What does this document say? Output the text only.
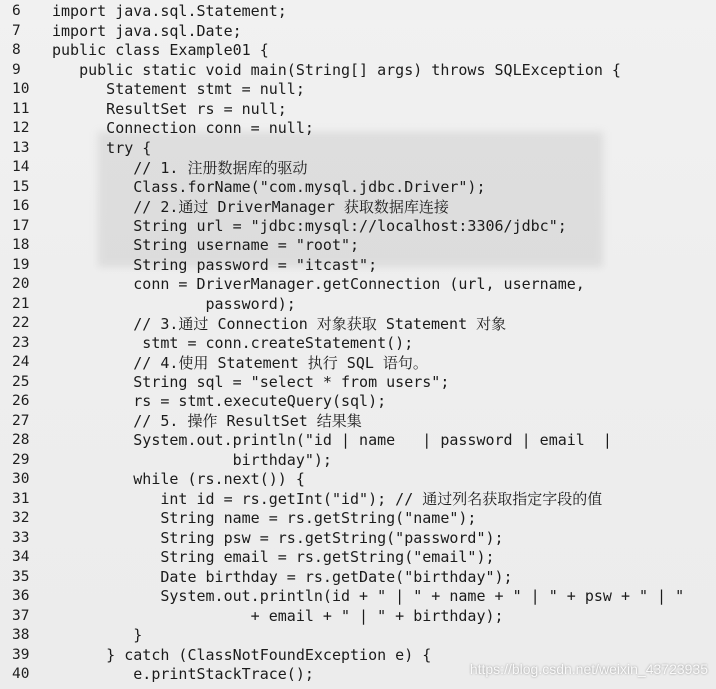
6	import java.sql.Statement;
7	import java.sql.Date;
8	public class Example01 {
9	public static void main(String[] args) throws SQLException {
10	Statement stmt = null;
11	ResultSet rs = null;
12	Connection conn = null;
13	try {
14	// 1. 注册数据库的驱动
15	Class.forName("com.mysql.jdbc.Driver");
16	// 2.通过 DriverManager 获取数据库连接
17	String url = "jdbc:mysql://localhost:3306/jdbc";
18	String username = "root";
19	String password = "itcast";
20	conn = DriverManager.getConnection (url, username,
21	password);
22	// 3.通过 Connection 对象获取 Statement 对象
23	stmt = conn.createStatement();
24	// 4.使用 Statement 执行 SQL 语句。
25	String sql = "select * from users";
26	rs = stmt.executeQuery(sql);
27	// 5. 操作 ResultSet 结果集
28	System.out.println("id | name   | password | email  |
29	birthday");
30	while (rs.next()) {
31	int id = rs.getInt("id"); // 通过列名获取指定字段的值
32	String name = rs.getString("name");
33	String psw = rs.getString("password");
34	String email = rs.getString("email");
35	Date birthday = rs.getDate("birthday");
36	System.out.println(id + " | " + name + " | " + psw + " | "
37	+ email + " | " + birthday);
38	}
39	} catch (ClassNotFoundException e) {
40	e.printStackTrace();	https://blog.csdn.net/weixin_43723935
